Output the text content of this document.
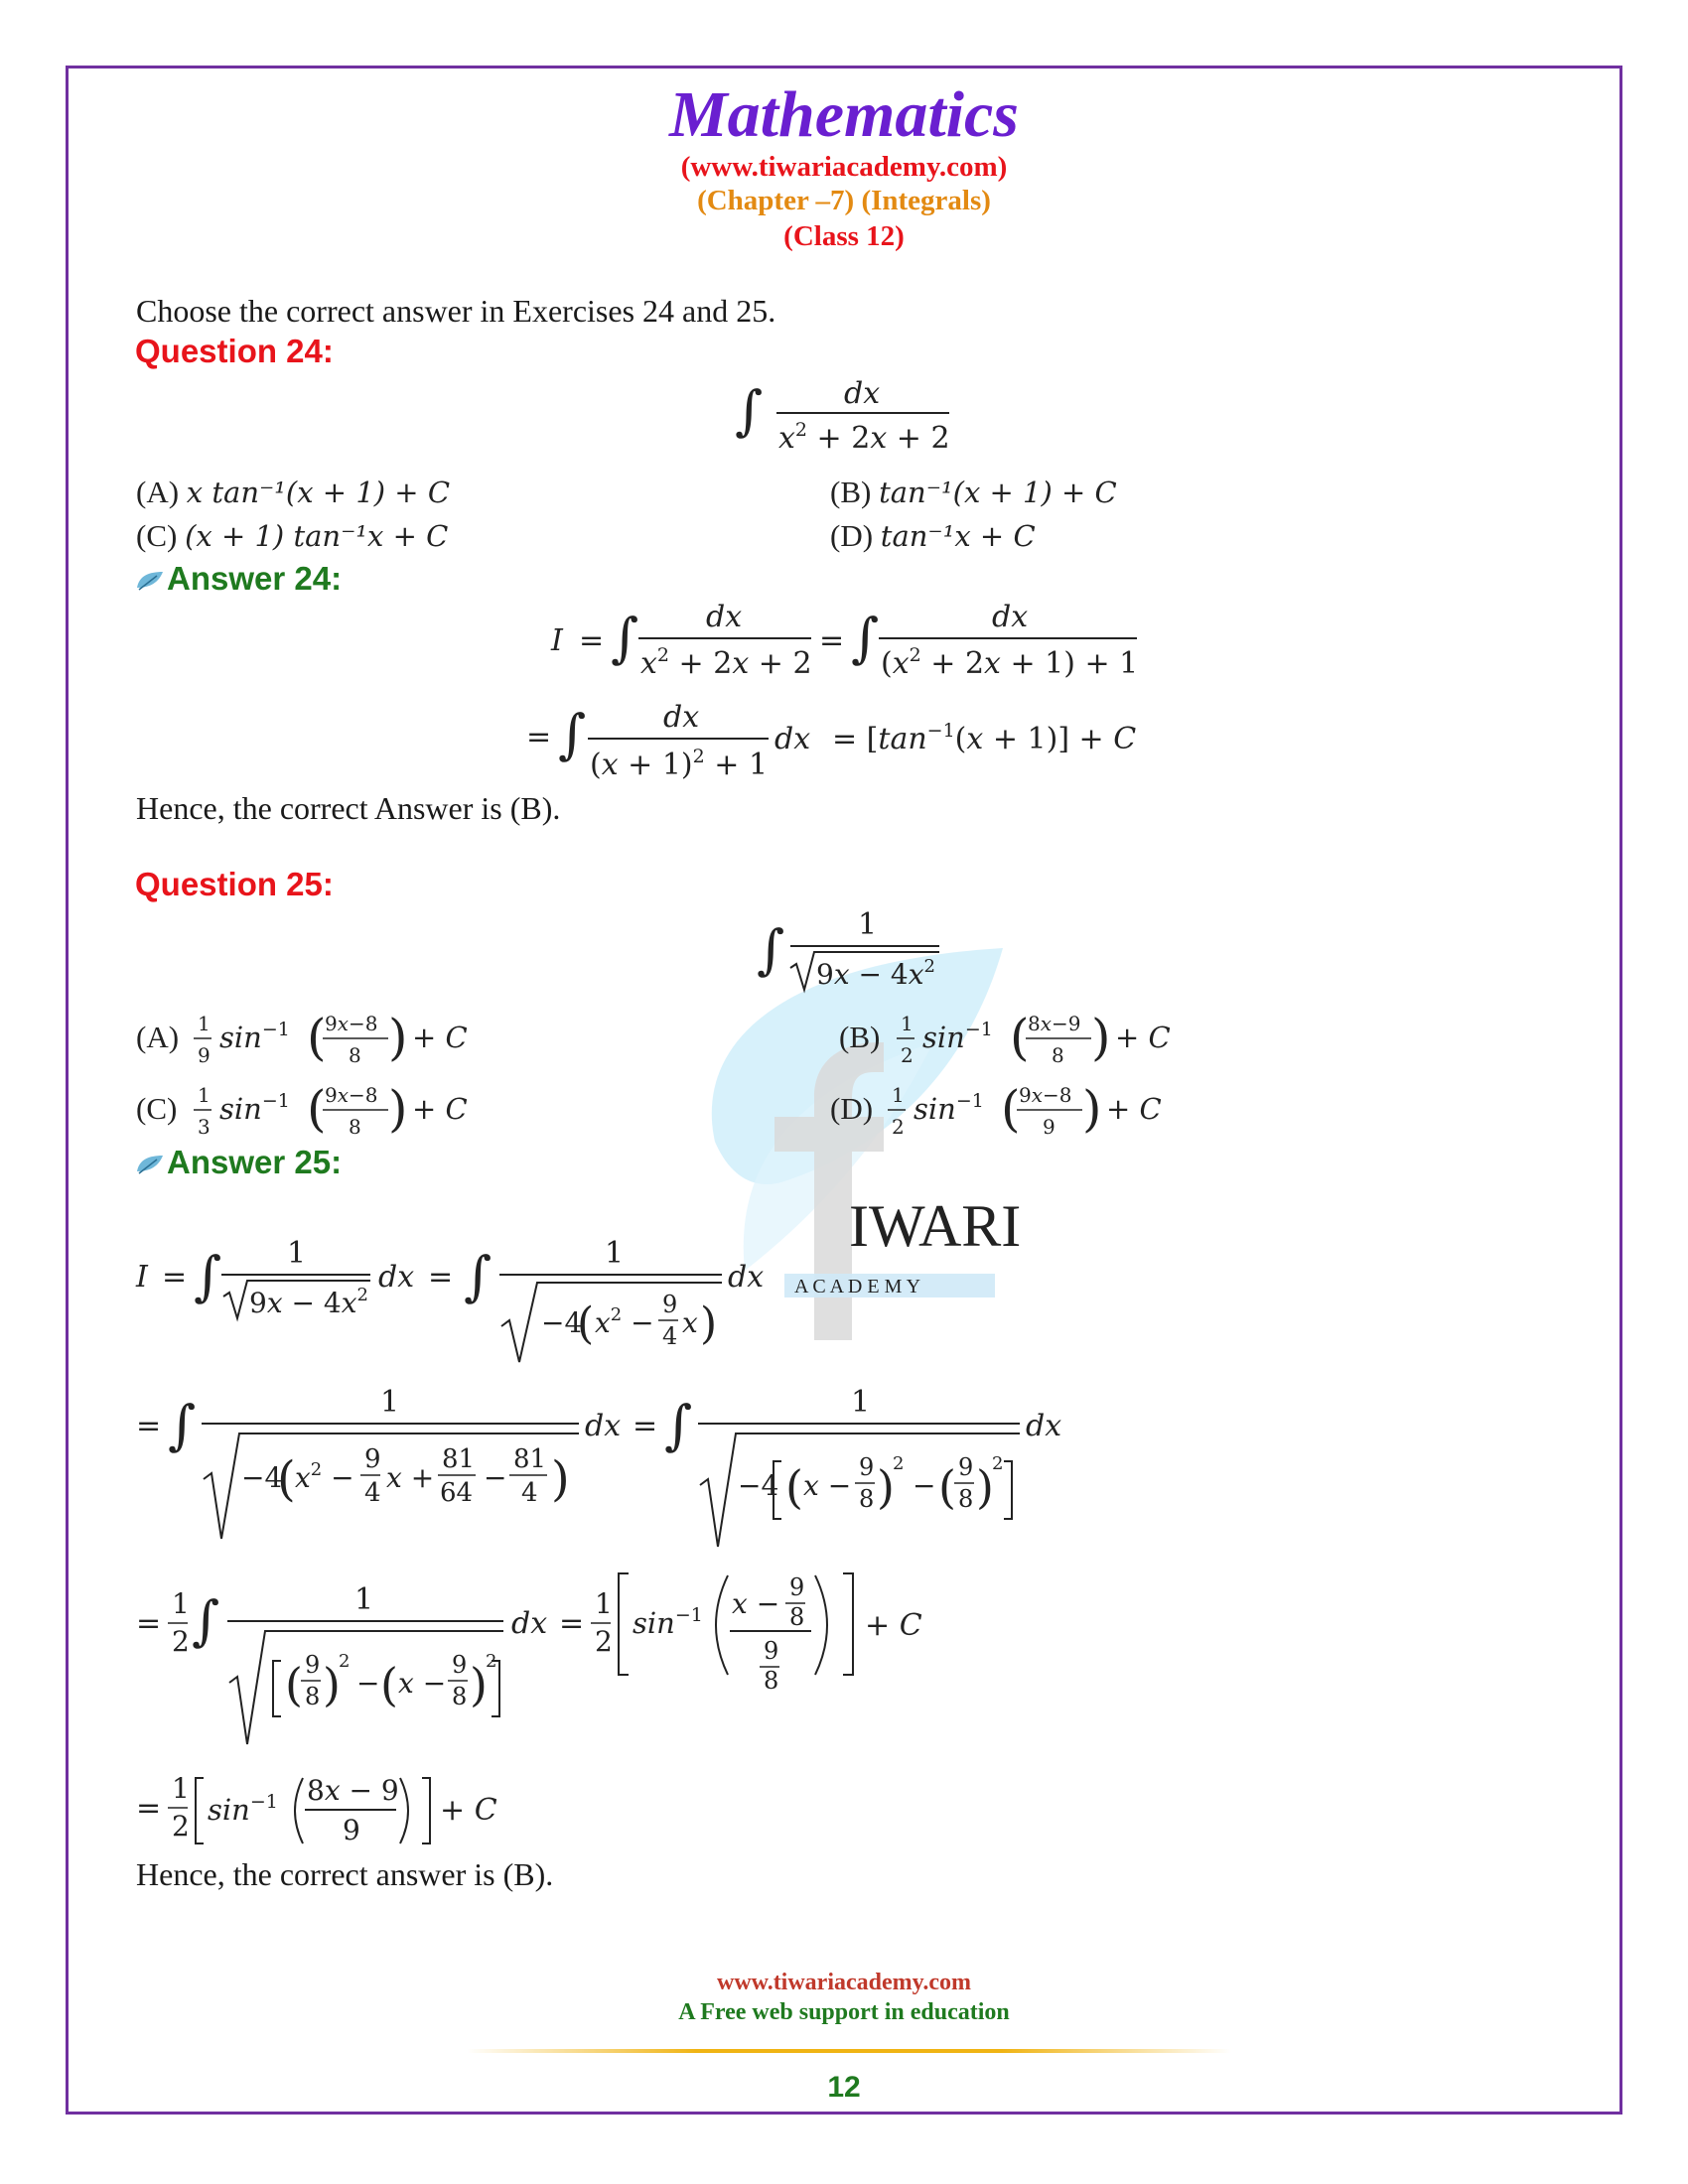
IWARI
A C A D E M Y
Mathematics
(www.tiwariacademy.com)
(Chapter –7) (Integrals)
(Class 12)
Choose the correct answer in Exercises 24 and 25.
Question 24:
∫	dx
$x^2 + 2x + 2$
(A) x tan⁻¹(x + 1) + C	(B) tan⁻¹(x + 1) + C
(C) (x + 1) tan⁻¹x + C	(D) tan⁻¹x + C
Answer 24:
I = ∫ dx
$x^2 + 2x + 2$
= ∫	dx
$(x^2 + 2x + 1) + 1$
= ∫	dx
$(x + 1)^2 + 1$
dx = $[\tan^{-1}(x + 1)] + C$
Hence, the correct Answer is (B).
Question 25:
∫ 1
$9x - 4x^2$
(A) 1
9
$\sin^{-1}$ (
9x−8
8 ) + C	(B) 1
2
$\sin^{-1}$ (
8x−9
8 ) + C
(C) 1
3
$\sin^{-1}$ (
9x−8
8 ) + C	(D) 1
2
$\sin^{-1}$ (
9x−8
9 ) + C
Answer 25:
I = ∫ 1
$9x - 4x^2$
dx = ∫	1
−4
( $x^2$ −
9
4 x )
dx
= ∫	1
−4
( $x^2$ −
9
4 x +
81
64 −
81
4 )
dx = ∫	1
−4 ( x −
9
8 )
2
− ( 9
8 )
2
dx
=
1
2 ∫	1
( 9
8 )
2
− ( x −
9
8 )
2
dx =
1
2
$\sin^{-1} x - 9$
8
9
8
+ C
=
1
2 $\sin^{-1} 8x - 9$
9
+ C
Hence, the correct answer is (B).
www.tiwariacademy.com
A Free web support in education
12
